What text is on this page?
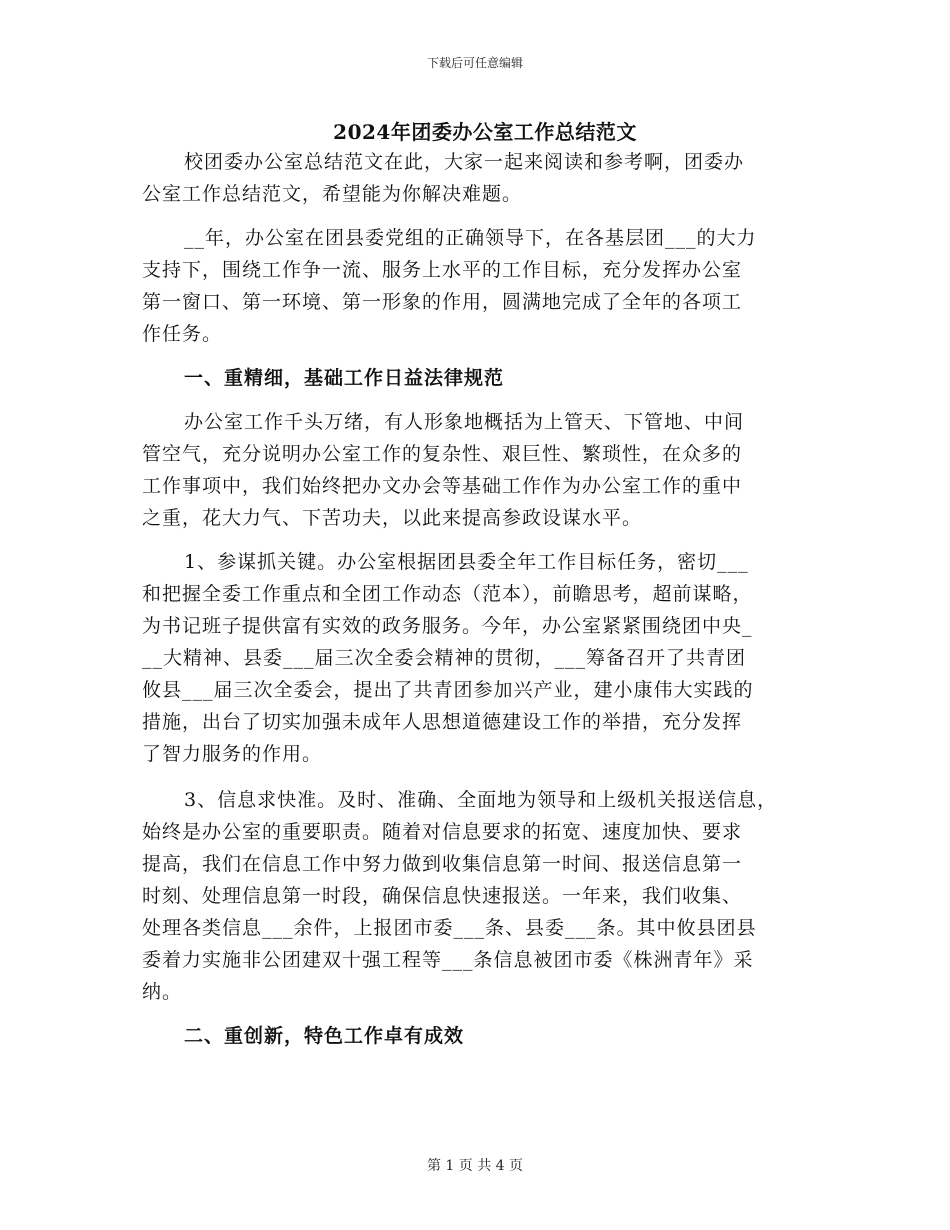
下载后可任意编辑
2024年团委办公室工作总结范文
校团委办公室总结范文在此，大家一起来阅读和参考啊，团委办
公室工作总结范文，希望能为你解决难题。
__年，办公室在团县委党组的正确领导下，在各基层团___的大力
支持下，围绕工作争一流、服务上水平的工作目标，充分发挥办公室
第一窗口、第一环境、第一形象的作用，圆满地完成了全年的各项工
作任务。
一、重精细，基础工作日益法律规范
办公室工作千头万绪，有人形象地概括为上管天、下管地、中间
管空气，充分说明办公室工作的复杂性、艰巨性、繁琐性，在众多的
工作事项中，我们始终把办文办会等基础工作作为办公室工作的重中
之重，花大力气、下苦功夫，以此来提高参政设谋水平。
1、参谋抓关键。办公室根据团县委全年工作目标任务，密切___
和把握全委工作重点和全团工作动态（范本），前瞻思考，超前谋略，
为书记班子提供富有实效的政务服务。今年，办公室紧紧围绕团中央_
__大精神、县委___届三次全委会精神的贯彻，___筹备召开了共青团
攸县___届三次全委会，提出了共青团参加兴产业，建小康伟大实践的
措施，出台了切实加强未成年人思想道德建设工作的举措，充分发挥
了智力服务的作用。
3、信息求快准。及时、准确、全面地为领导和上级机关报送信息，
始终是办公室的重要职责。随着对信息要求的拓宽、速度加快、要求
提高，我们在信息工作中努力做到收集信息第一时间、报送信息第一
时刻、处理信息第一时段，确保信息快速报送。一年来，我们收集、
处理各类信息___余件，上报团市委___条、县委___条。其中攸县团县
委着力实施非公团建双十强工程等___条信息被团市委《株洲青年》采
纳。
二、重创新，特色工作卓有成效
第 1 页 共 4 页
